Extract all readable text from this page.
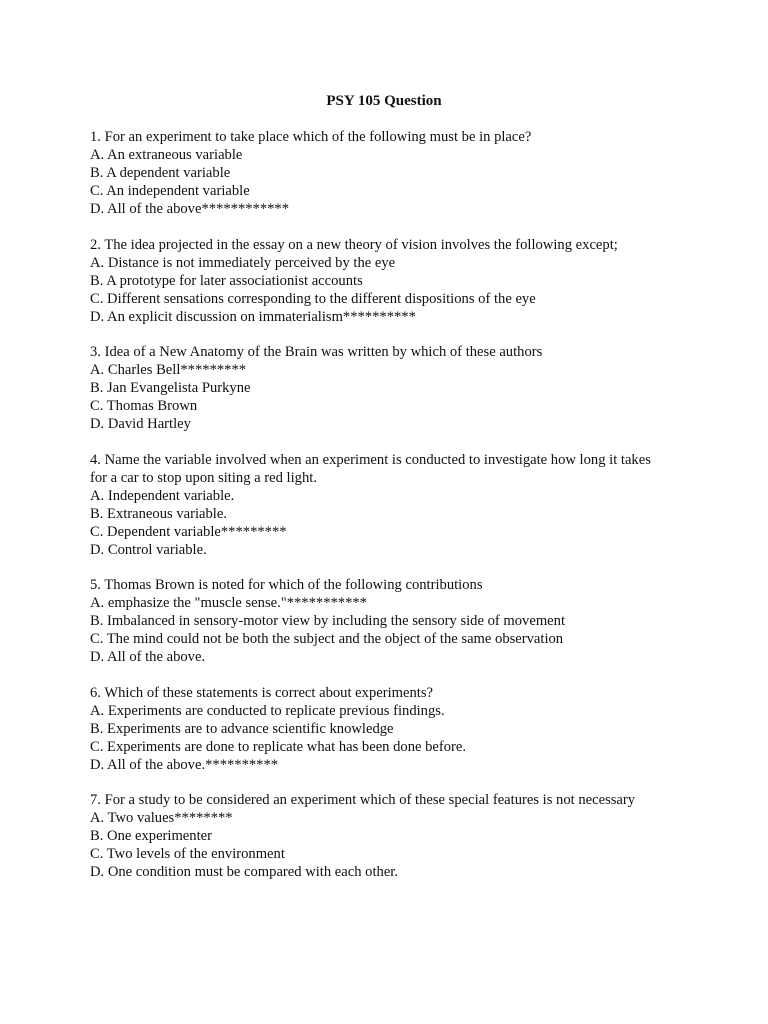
PSY 105 Question
1. For an experiment to take place which of the following must be in place?
A. An extraneous variable
B. A dependent variable
C. An independent variable
D. All of the above************
2. The idea projected in the essay on a new theory of vision involves the following except;
A. Distance is not immediately perceived by the eye
B. A prototype for later associationist accounts
C. Different sensations corresponding to the different dispositions of the eye
D. An explicit discussion on immaterialism**********
3. Idea of a New Anatomy of the Brain was written by which of these authors
A. Charles Bell*********
B. Jan Evangelista Purkyne
C. Thomas Brown
D. David Hartley
4. Name the variable involved when an experiment is conducted to investigate how long it takes
for a car to stop upon siting a red light.
A. Independent variable.
B. Extraneous variable.
C. Dependent variable*********
D. Control variable.
5. Thomas Brown is noted for which of the following contributions
A. emphasize the "muscle sense."***********
B. Imbalanced in sensory-motor view by including the sensory side of movement
C. The mind could not be both the subject and the object of the same observation
D. All of the above.
6. Which of these statements is correct about experiments?
A. Experiments are conducted to replicate previous findings.
B. Experiments are to advance scientific knowledge
C. Experiments are done to replicate what has been done before.
D. All of the above.**********
7. For a study to be considered an experiment which of these special features is not necessary
A. Two values********
B. One experimenter
C. Two levels of the environment
D. One condition must be compared with each other.
